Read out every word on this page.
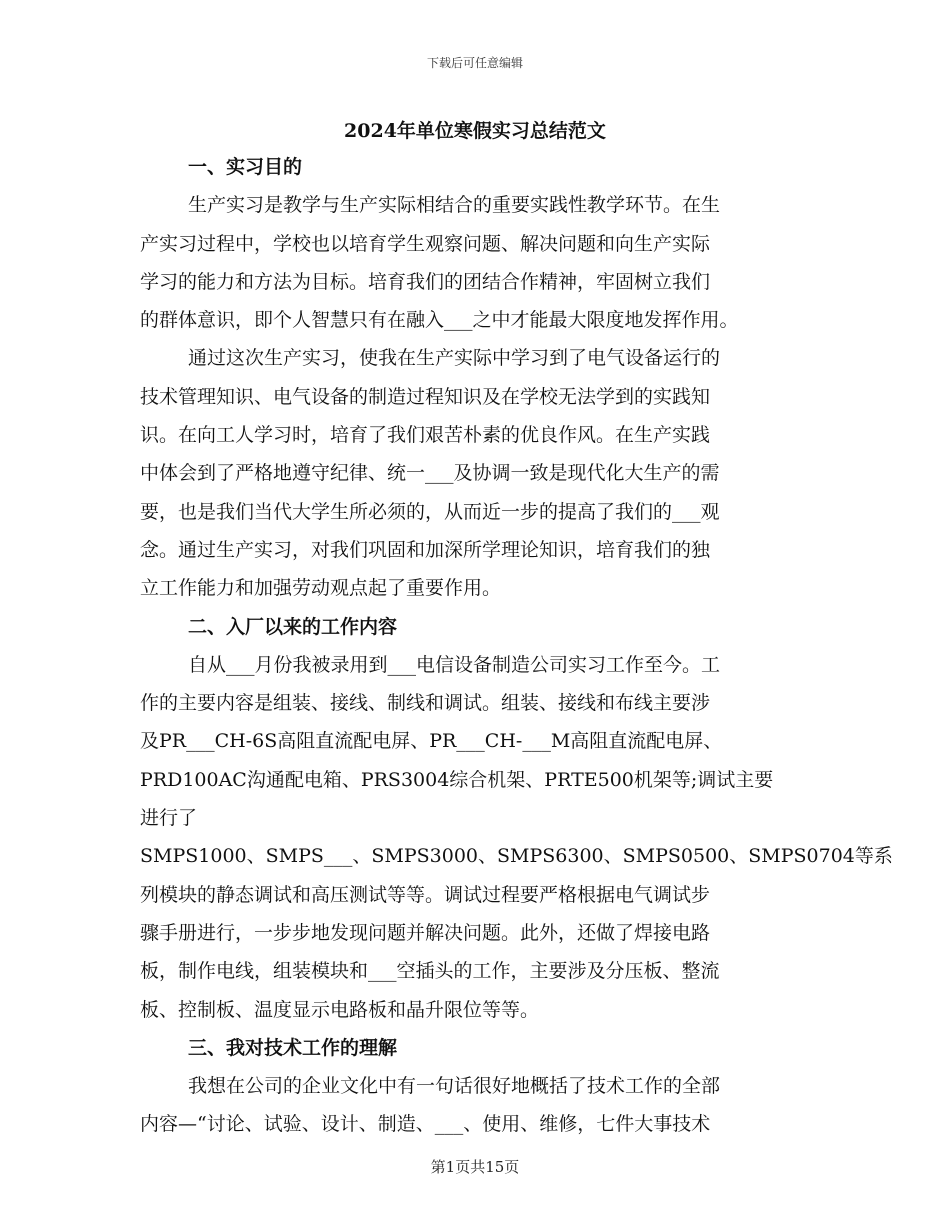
下载后可任意编辑
2024年单位寒假实习总结范文
一、实习目的
生产实习是教学与生产实际相结合的重要实践性教学环节。在生
产实习过程中，学校也以培育学生观察问题、解决问题和向生产实际
学习的能力和方法为目标。培育我们的团结合作精神，牢固树立我们
的群体意识，即个人智慧只有在融入___之中才能最大限度地发挥作用。
通过这次生产实习，使我在生产实际中学习到了电气设备运行的
技术管理知识、电气设备的制造过程知识及在学校无法学到的实践知
识。在向工人学习时，培育了我们艰苦朴素的优良作风。在生产实践
中体会到了严格地遵守纪律、统一___及协调一致是现代化大生产的需
要，也是我们当代大学生所必须的，从而近一步的提高了我们的___观
念。通过生产实习，对我们巩固和加深所学理论知识，培育我们的独
立工作能力和加强劳动观点起了重要作用。
二、入厂以来的工作内容
自从___月份我被录用到___电信设备制造公司实习工作至今。工
作的主要内容是组装、接线、制线和调试。组装、接线和布线主要涉
及PR___CH-6S高阻直流配电屏、PR___CH-___M高阻直流配电屏、
PRD100AC沟通配电箱、PRS3004综合机架、PRTE500机架等;调试主要
进行了
SMPS1000、SMPS___、SMPS3000、SMPS6300、SMPS0500、SMPS0704等系
列模块的静态调试和高压测试等等。调试过程要严格根据电气调试步
骤手册进行，一步步地发现问题并解决问题。此外，还做了焊接电路
板，制作电线，组装模块和___空插头的工作，主要涉及分压板、整流
板、控制板、温度显示电路板和晶升限位等等。
三、我对技术工作的理解
我想在公司的企业文化中有一句话很好地概括了技术工作的全部
内容—“讨论、试验、设计、制造、___、使用、维修，七件大事技术
第1页共15页
